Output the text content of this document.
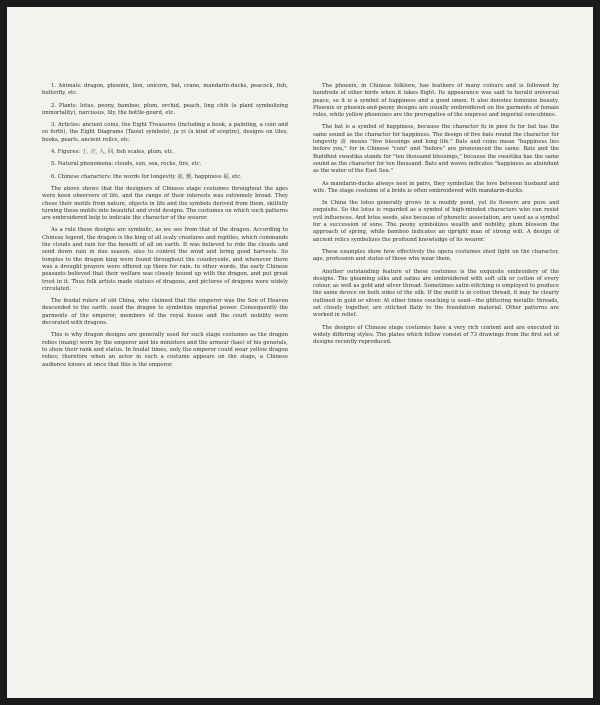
1. Animals: dragon, phoenix, lion, unicorn, bat, crane, mandarin-ducks, peacock, fish, butterfly, etc.

2. Plants: lotus, peony, bamboo, plum, orchid, peach, ling chih (a plant symbolizing immortality), narcissus, lily, the bottle-gourd, etc.

3. Articles: ancient coins, the Eight Treasures (including a book, a painting, a coin and so forth), the Eight Diagrams (Taoist symbols), ju yi (a kind of sceptre), designs on tiles, books, pearls, ancient relics, etc.

4. Figures: 丁, 卍, 人, 回, fish scales, plum, etc.

5. Natural phenomena: clouds, sun, sea, rocks, fire, etc.

6. Chinese characters: the words for longevity 壽, 囍, happiness 福, etc.

The above shows that the designers of Chinese stage costumes throughout the ages were keen observers of life, and the range of their interests was extremely broad. They chose their motifs from nature, objects in life and the symbols derived from them, skilfully turning these motifs into beautiful and vivid designs. The costumes on which such patterns are embroidered help to indicate the character of the wearer.

As a rule these designs are symbolic, as we see from that of the dragon. According to Chinese legend, the dragon is the king of all scaly creatures and reptiles, which commands the clouds and rain for the benefit of all on earth. It was believed to ride the clouds and send down rain in due season, also to control the wind and bring good harvests. So temples to the dragon king were found throughout the countryside, and whenever there was a drought prayers were offered up there for rain. In other words, the early Chinese peasants believed that their welfare was closely bound up with the dragon, and put great trust in it. Thus folk artists made statues of dragons, and pictures of dragons were widely circulated.

The feudal rulers of old China, who claimed that the emperor was the Son of Heaven descended to the earth, used the dragon to symbolize imperial power. Consequently the garments of the emperor, members of the royal house and the court nobility were decorated with dragons.

This is why dragon designs are generally used for such stage costumes as the dragon robes (mang) worn by the emperor and his ministers and the armour (kao) of his generals, to show their rank and status. In feudal times, only the emperor could wear yellow dragon robes; therefore when an actor in such a costume appears on the stage, a Chinese audience knows at once that this is the emperor.

The phoenix, in Chinese folklore, has feathers of many colours and is followed by hundreds of other birds when it takes flight. Its appearance was said to herald universal peace, so it is a symbol of happiness and a good omen. It also denotes feminine beauty. Phoenix or phoenix-and-peony designs are usually embroidered on the garments of female roles, while yellow phoenixes are the prerogative of the empress and imperial concubines.

The bat is a symbol of happiness, because the character fu in pien fu for bat has the same sound as the character for happiness. The design of five bats round the character for longevity 壽 means "five blessings and long life." Bats and coins mean "happiness lies before you," for in Chinese "coin" and "before" are pronounced the same. Bats and the Buddhist swastika stands for "ten thousand blessings," because the swastika has the same sound as the character for ten thousand. Bats and waves indicates "happiness as abundant as the water of the East Sea."

As mandarin-ducks always nest in pairs, they symbolize the love between husband and wife. The stage costume of a bride is often embroidered with mandarin-ducks.

In China the lotus generally grows in a muddy pond, yet its flowers are pure and exquisite. So the lotus is regarded as a symbol of high-minded characters who can resist evil influences. And lotus seeds, also because of phonetic association, are used as a symbol for a succession of sons. The peony symbolizes wealth and nobility, plum blossom the approach of spring, while bamboo indicates an upright man of strong will. A design of ancient relics symbolizes the profound knowledge of its wearer.

These examples show how effectively the opera costumes shed light on the character, age, profession and status of those who wear them.

Another outstanding feature of these costumes is the exquisite embroidery of the designs. The gleaming silks and satins are embroidered with soft silk or cotton of every colour, as well as gold and silver thread. Sometimes satin-stitching is employed to produce the same device on both sides of the silk. If the motif is in cotton thread, it may be clearly outlined in gold or silver. At other times couching is used—the glittering metallic threads, set closely together, are stitched flatly to the foundation material. Other patterns are worked in relief.

The designs of Chinese stage costumes have a very rich content and are executed in widely differing styles. The plates which follow consist of 73 drawings from the first set of designs recently reproduced.
